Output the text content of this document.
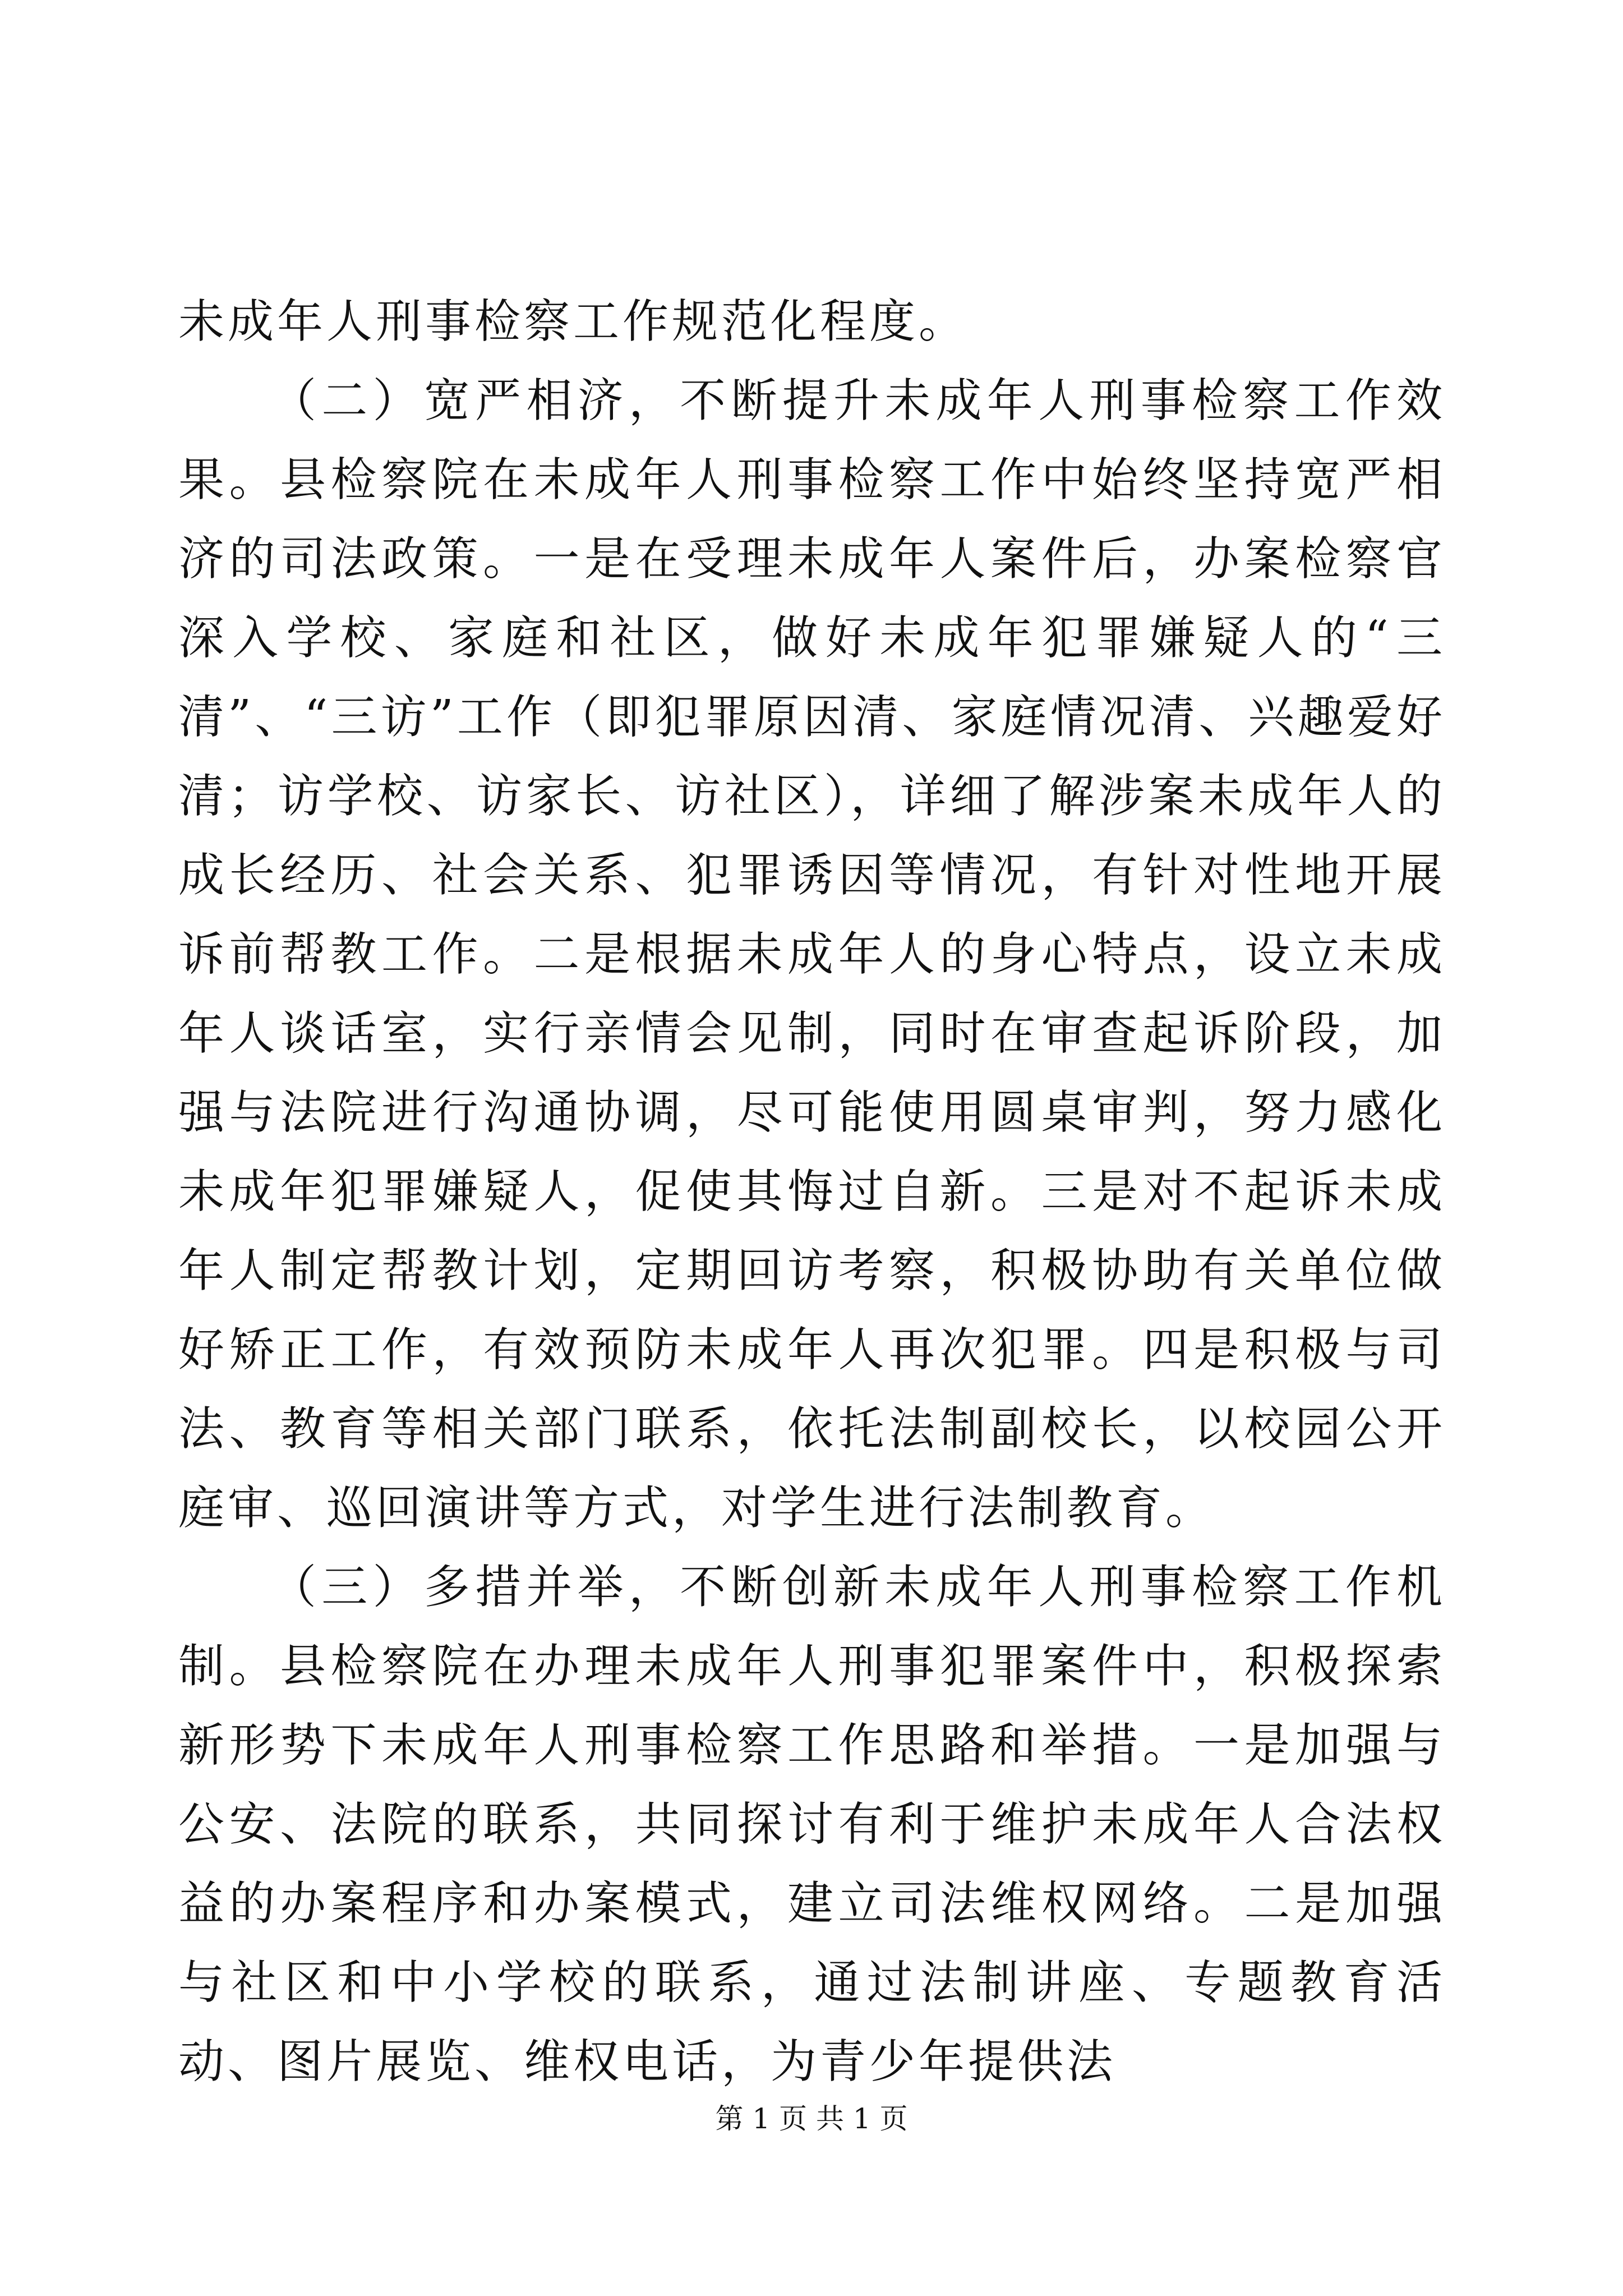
未成年人刑事检察工作规范化程度。

（二）宽严相济，不断提升未成年人刑事检察工作效果。县检察院在未成年人刑事检察工作中始终坚持宽严相济的司法政策。一是在受理未成年人案件后，办案检察官深入学校、家庭和社区，做好未成年犯罪嫌疑人的“三清”、“三访”工作（即犯罪原因清、家庭情况清、兴趣爱好清；访学校、访家长、访社区），详细了解涉案未成年人的成长经历、社会关系、犯罪诱因等情况，有针对性地开展诉前帮教工作。二是根据未成年人的身心特点，设立未成年人谈话室，实行亲情会见制，同时在审查起诉阶段，加强与法院进行沟通协调，尽可能使用圆桌审判，努力感化未成年犯罪嫌疑人，促使其悔过自新。三是对不起诉未成年人制定帮教计划，定期回访考察，积极协助有关单位做好矫正工作，有效预防未成年人再次犯罪。四是积极与司法、教育等相关部门联系，依托法制副校长，以校园公开庭审、巡回演讲等方式，对学生进行法制教育。

（三）多措并举，不断创新未成年人刑事检察工作机制。县检察院在办理未成年人刑事犯罪案件中，积极探索新形势下未成年人刑事检察工作思路和举措。一是加强与公安、法院的联系，共同探讨有利于维护未成年人合法权益的办案程序和办案模式，建立司法维权网络。二是加强与社区和中小学校的联系，通过法制讲座、专题教育活动、图片展览、维权电话，为青少年提供法

第 1 页 共 1 页
